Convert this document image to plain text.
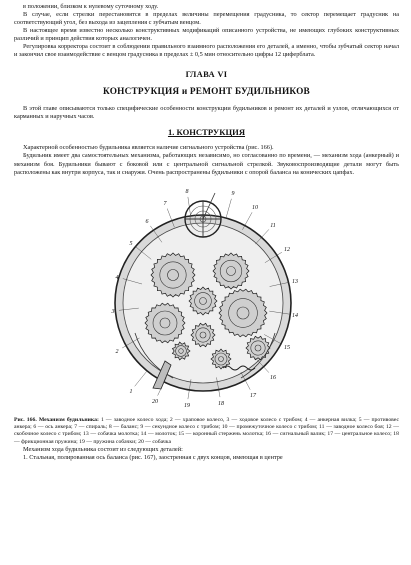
в положении, близком к нулевому суточному ходу.

В случае, если стрелки перестановятся в пределах величины перемещения градусника, то сектор перемещает градусник на соответствующий угол, без выхода из зацепления с зубчатым венцом.

В настоящее время известно несколько конструктивных модификаций описанного устройства, не имеющих глубоких конструктивных различий и принцип действия которых аналогичен.

Регулировка корректора состоит в соблюдении правильного взаимного расположения его деталей, а именно, чтобы зубчатый сектор начал и закончил свое взаимодействие с венцом градусника в пределах ± 0,5 мин относительно цифры 12 циферблата.

ГЛАВА VI
КОНСТРУКЦИЯ и РЕМОНТ БУДИЛЬНИКОВ

В этой главе описываются только специфические особенности конструкции будильников и ремонт их деталей и узлов, отличающихся от карманных и наручных часов.

1. КОНСТРУКЦИЯ

Характерной особенностью будильника является наличие сигнального устройства (рис. 166).

Будильник имеет два самостоятельных механизма, работающих независимо, но согласованно по времени, — механизм хода (анкерный) и механизм боя. Будильники бывают с боковой или с центральной сигнальной стрелкой. Звуковоспроизводящие детали могут быть расположены как внутри корпуса, так и снаружи. Очень распространены будильники с опорой баланса на конических цапфах.

1
2
3
4
5
6
7
8	9
10
11
12
13
14
15
16
17
18
19
20

Рис. 166. Механизм будильника: 1 — заводное колесо хода; 2 — храповое колесо, 3 — ходовое колесо с трибом; 4 — анкерная вилка; 5 — противовес анкера; 6 — ось анкера; 7 — спираль; 8 — баланс; 9 — секундное колесо с трибом; 10 — промежуточное колесо с трибом; 11 — заводное колесо боя; 12 — скобочное колесо с трибом; 13 — собачка молотка; 14 — молоток; 15 — коронный стержень молотка; 16 — сигнальный валик; 17 — центральное колесо; 18 — фрикционная пружина; 19 — пружина собачки; 20 — собачка

Механизм хода будильника состоит из следующих деталей:

1. Стальная, полированная ось баланса (рис. 167), заостренная с двух концов, имеющая в центре
